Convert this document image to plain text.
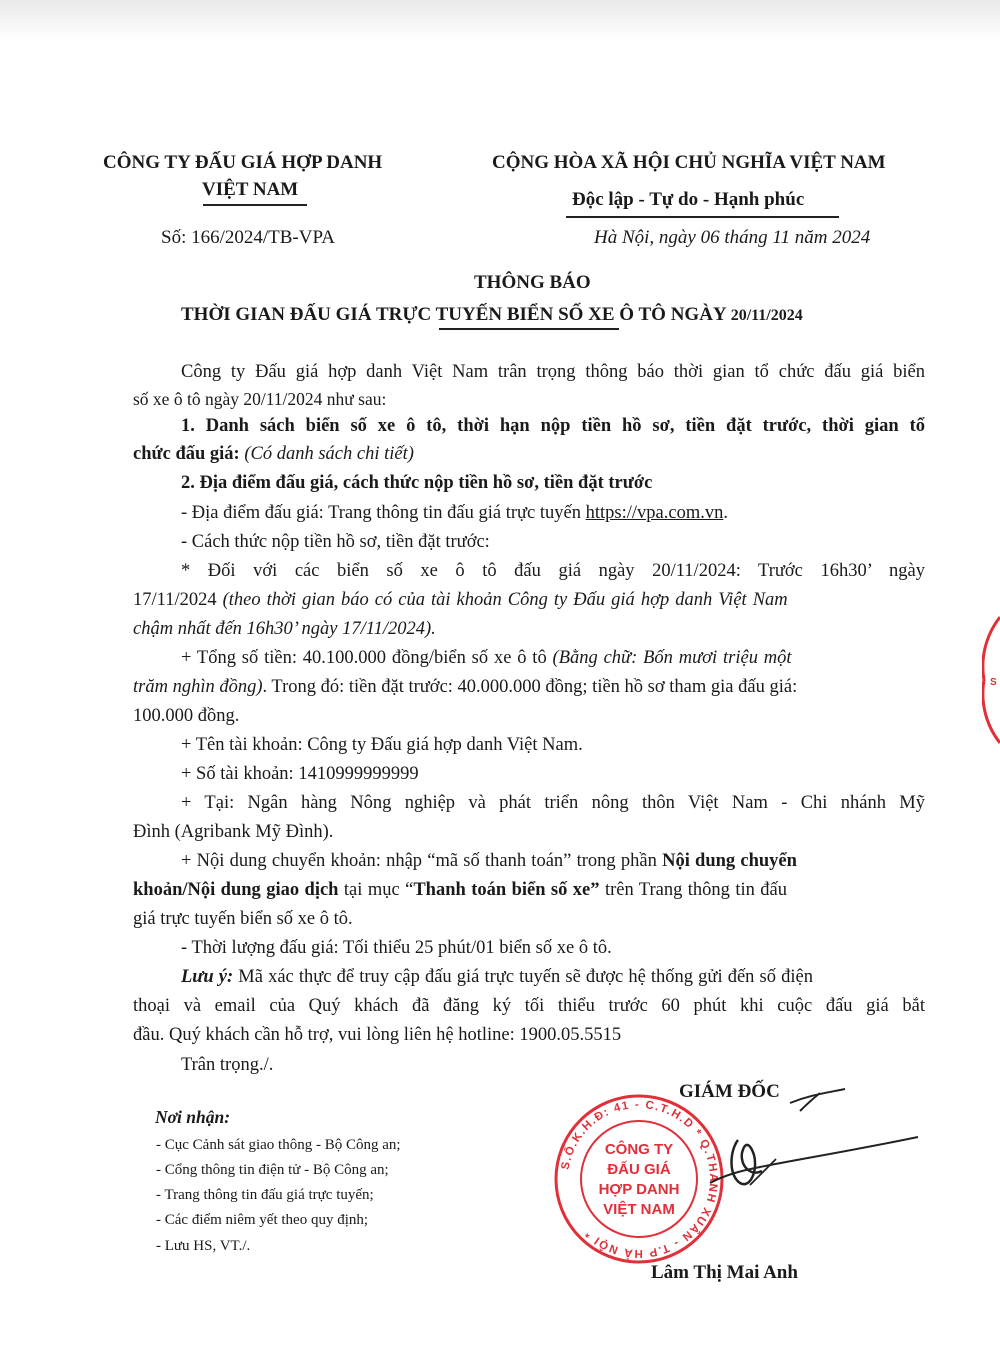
CÔNG TY ĐẤU GIÁ HỢP DANH
VIỆT NAM
Số: 166/2024/TB-VPA
CỘNG HÒA XÃ HỘI CHỦ NGHĨA VIỆT NAM
Độc lập - Tự do - Hạnh phúc
Hà Nội, ngày 06 tháng 11 năm 2024
THÔNG BÁO
THỜI GIAN ĐẤU GIÁ TRỰC TUYẾN BIỂN SỐ XE Ô TÔ NGÀY 20/11/2024
Công ty Đấu giá hợp danh Việt Nam trân trọng thông báo thời gian tổ chức đấu giá biển
số xe ô tô ngày 20/11/2024 như sau:
1. Danh sách biển số xe ô tô, thời hạn nộp tiền hồ sơ, tiền đặt trước, thời gian tổ
chức đấu giá: (Có danh sách chi tiết)
2. Địa điểm đấu giá, cách thức nộp tiền hồ sơ, tiền đặt trước
- Địa điểm đấu giá: Trang thông tin đấu giá trực tuyến https://vpa.com.vn.
- Cách thức nộp tiền hồ sơ, tiền đặt trước:
* Đối với các biển số xe ô tô đấu giá ngày 20/11/2024: Trước 16h30’ ngày
17/11/2024 (theo thời gian báo có của tài khoản Công ty Đấu giá hợp danh Việt Nam
chậm nhất đến 16h30’ ngày 17/11/2024).
+ Tổng số tiền: 40.100.000 đồng/biển số xe ô tô (Bằng chữ: Bốn mươi triệu một
trăm nghìn đồng). Trong đó: tiền đặt trước: 40.000.000 đồng; tiền hồ sơ tham gia đấu giá:
100.000 đồng.
+ Tên tài khoản: Công ty Đấu giá hợp danh Việt Nam.
+ Số tài khoản: 1410999999999
+ Tại: Ngân hàng Nông nghiệp và phát triển nông thôn Việt Nam - Chi nhánh Mỹ
Đình (Agribank Mỹ Đình).
+ Nội dung chuyển khoản: nhập “mã số thanh toán” trong phần Nội dung chuyển
khoản/Nội dung giao dịch tại mục “Thanh toán biển số xe” trên Trang thông tin đấu
giá trực tuyến biển số xe ô tô.
- Thời lượng đấu giá: Tối thiểu 25 phút/01 biển số xe ô tô.
Lưu ý: Mã xác thực để truy cập đấu giá trực tuyến sẽ được hệ thống gửi đến số điện
thoại và email của Quý khách đã đăng ký tối thiểu trước 60 phút khi cuộc đấu giá bắt
đầu. Quý khách cần hỗ trợ, vui lòng liên hệ hotline: 1900.05.5515
Trân trọng./.
Nơi nhận:
- Cục Cảnh sát giao thông - Bộ Công an;
- Cổng thông tin điện tử - Bộ Công an;
- Trang thông tin đấu giá trực tuyến;
- Các điểm niêm yết theo quy định;
- Lưu HS, VT./.
GIÁM ĐỐC
S.Ố.K.H.Đ: 41 - C.T.H.D * Q.THANH XUÂN - T.P HÀ NỘI *
CÔNG TY
ĐẤU GIÁ
HỢP DANH
VIỆT NAM
Lâm Thị Mai Anh
S
